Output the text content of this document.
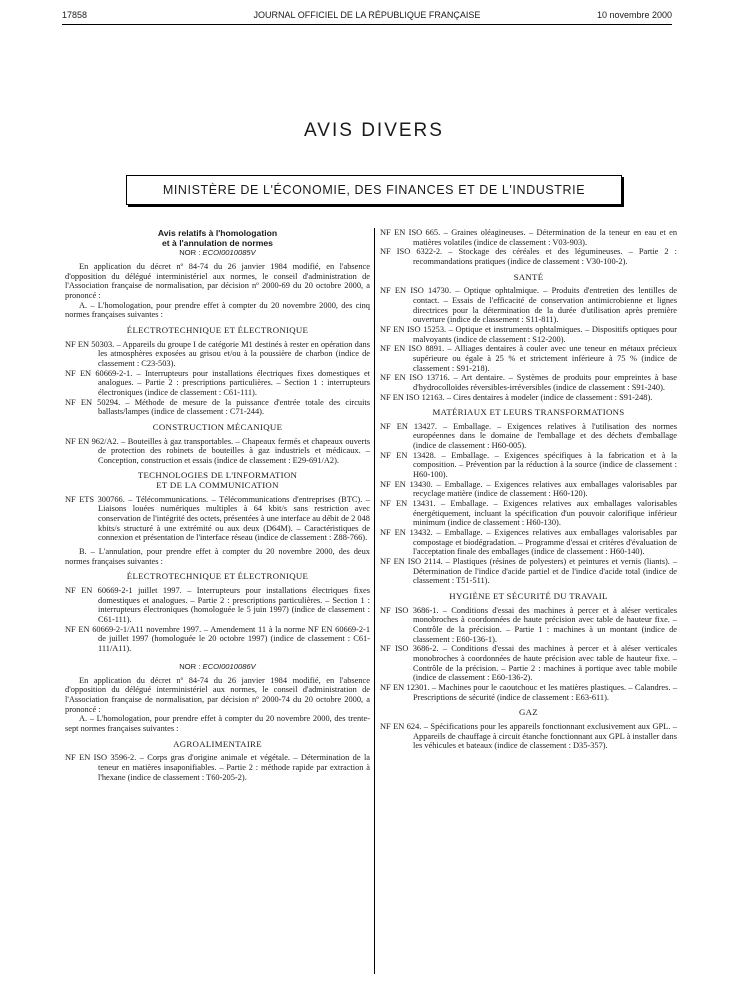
17858	JOURNAL OFFICIEL DE LA RÉPUBLIQUE FRANÇAISE	10 novembre 2000
AVIS DIVERS
MINISTÈRE DE L'ÉCONOMIE, DES FINANCES ET DE L'INDUSTRIE
Avis relatifs à l'homologation
et à l'annulation de normes
NOR : ECOI0010085V
En application du décret nº 84-74 du 26 janvier 1984 modifié, en l'absence d'opposition du délégué interministériel aux normes, le conseil d'administration de l'Association française de normalisation, par décision nº 2000-69 du 20 octobre 2000, a prononcé :
A. – L'homologation, pour prendre effet à compter du 20 novembre 2000, des cinq normes françaises suivantes :
ÉLECTROTECHNIQUE ET ÉLECTRONIQUE
NF EN 50303. – Appareils du groupe I de catégorie M1 destinés à rester en opération dans les atmosphères exposées au grisou et/ou à la poussière de charbon (indice de classement : C23-503).
NF EN 60669-2-1. – Interrupteurs pour installations électriques fixes domestiques et analogues. – Partie 2 : prescriptions particulières. – Section 1 : interrupteurs électroniques (indice de classement : C61-111).
NF EN 50294. – Méthode de mesure de la puissance d'entrée totale des circuits ballasts/lampes (indice de classement : C71-244).
CONSTRUCTION MÉCANIQUE
NF EN 962/A2. – Bouteilles à gaz transportables. – Chapeaux fermés et chapeaux ouverts de protection des robinets de bouteilles à gaz industriels et médicaux. – Conception, construction et essais (indice de classement : E29-691/A2).
TECHNOLOGIES DE L'INFORMATION
ET DE LA COMMUNICATION
NF ETS 300766. – Télécommunications. – Télécommunications d'entreprises (BTC). – Liaisons louées numériques multiples à 64 kbit/s sans restriction avec conservation de l'intégrité des octets, présentées à une interface au débit de 2 048 kbits/s structuré à une extrémité ou aux deux (D64M). – Caractéristiques de connexion et présentation de l'interface réseau (indice de classement : Z88-766).
B. – L'annulation, pour prendre effet à compter du 20 novembre 2000, des deux normes françaises suivantes :
ÉLECTROTECHNIQUE ET ÉLECTRONIQUE
NF EN 60669-2-1 juillet 1997. – Interrupteurs pour installations électriques fixes domestiques et analogues. – Partie 2 : prescriptions particulières. – Section 1 : interrupteurs électroniques (homologuée le 5 juin 1997) (indice de classement : C61-111).
NF EN 60669-2-1/A11 novembre 1997. – Amendement 11 à la norme NF EN 60669-2-1 de juillet 1997 (homologuée le 20 octobre 1997) (indice de classement : C61-111/A11).
NOR : ECOI0010086V
En application du décret nº 84-74 du 26 janvier 1984 modifié, en l'absence d'opposition du délégué interministériel aux normes, le conseil d'administration de l'Association française de normalisation, par décision nº 2000-74 du 20 octobre 2000, a prononcé :
A. – L'homologation, pour prendre effet à compter du 20 novembre 2000, des trente-sept normes françaises suivantes :
AGROALIMENTAIRE
NF EN ISO 3596-2. – Corps gras d'origine animale et végétale. – Détermination de la teneur en matières insaponifiables. – Partie 2 : méthode rapide par extraction à l'hexane (indice de classement : T60-205-2).
NF EN ISO 665. – Graines oléagineuses. – Détermination de la teneur en eau et en matières volatiles (indice de classement : V03-903).
NF ISO 6322-2. – Stockage des céréales et des légumineuses. – Partie 2 : recommandations pratiques (indice de classement : V30-100-2).
SANTÉ
NF EN ISO 14730. – Optique ophtalmique. – Produits d'entretien des lentilles de contact. – Essais de l'efficacité de conservation antimicrobienne et lignes directrices pour la détermination de la durée d'utilisation après première ouverture (indice de classement : S11-811).
NF EN ISO 15253. – Optique et instruments ophtalmiques. – Dispositifs optiques pour malvoyants (indice de classement : S12-200).
NF EN ISO 8891. – Alliages dentaires à couler avec une teneur en métaux précieux supérieure ou égale à 25 % et strictement inférieure à 75 % (indice de classement : S91-218).
NF EN ISO 13716. – Art dentaire. – Systèmes de produits pour empreintes à base d'hydrocolloïdes réversibles-irréversibles (indice de classement : S91-240).
NF EN ISO 12163. – Cires dentaires à modeler (indice de classement : S91-248).
MATÉRIAUX ET LEURS TRANSFORMATIONS
NF EN 13427. – Emballage. – Exigences relatives à l'utilisation des normes européennes dans le domaine de l'emballage et des déchets d'emballage (indice de classement : H60-005).
NF EN 13428. – Emballage. – Exigences spécifiques à la fabrication et à la composition. – Prévention par la réduction à la source (indice de classement : H60-100).
NF EN 13430. – Emballage. – Exigences relatives aux emballages valorisables par recyclage matière (indice de classement : H60-120).
NF EN 13431. – Emballage. – Exigences relatives aux emballages valorisables énergétiquement, incluant la spécification d'un pouvoir calorifique inférieur minimum (indice de classement : H60-130).
NF EN 13432. – Emballage. – Exigences relatives aux emballages valorisables par compostage et biodégradation. – Programme d'essai et critères d'évaluation de l'acceptation finale des emballages (indice de classement : H60-140).
NF EN ISO 2114. – Plastiques (résines de polyesters) et peintures et vernis (liants). – Détermination de l'indice d'acide partiel et de l'indice d'acide total (indice de classement : T51-511).
HYGIÈNE ET SÉCURITÉ DU TRAVAIL
NF ISO 3686-1. – Conditions d'essai des machines à percer et à aléser verticales monobroches à coordonnées de haute précision avec table de hauteur fixe. – Contrôle de la précision. – Partie 1 : machines à un montant (indice de classement : E60-136-1).
NF ISO 3686-2. – Conditions d'essai des machines à percer et à aléser verticales monobroches à coordonnées de haute précision avec table de hauteur fixe. – Contrôle de la précision. – Partie 2 : machines à portique avec table mobile (indice de classement : E60-136-2).
NF EN 12301. – Machines pour le caoutchouc et les matières plastiques. – Calandres. – Prescriptions de sécurité (indice de classement : E63-611).
GAZ
NF EN 624. – Spécifications pour les appareils fonctionnant exclusivement aux GPL. – Appareils de chauffage à circuit étanche fonctionnant aux GPL à installer dans les véhicules et bateaux (indice de classement : D35-357).
